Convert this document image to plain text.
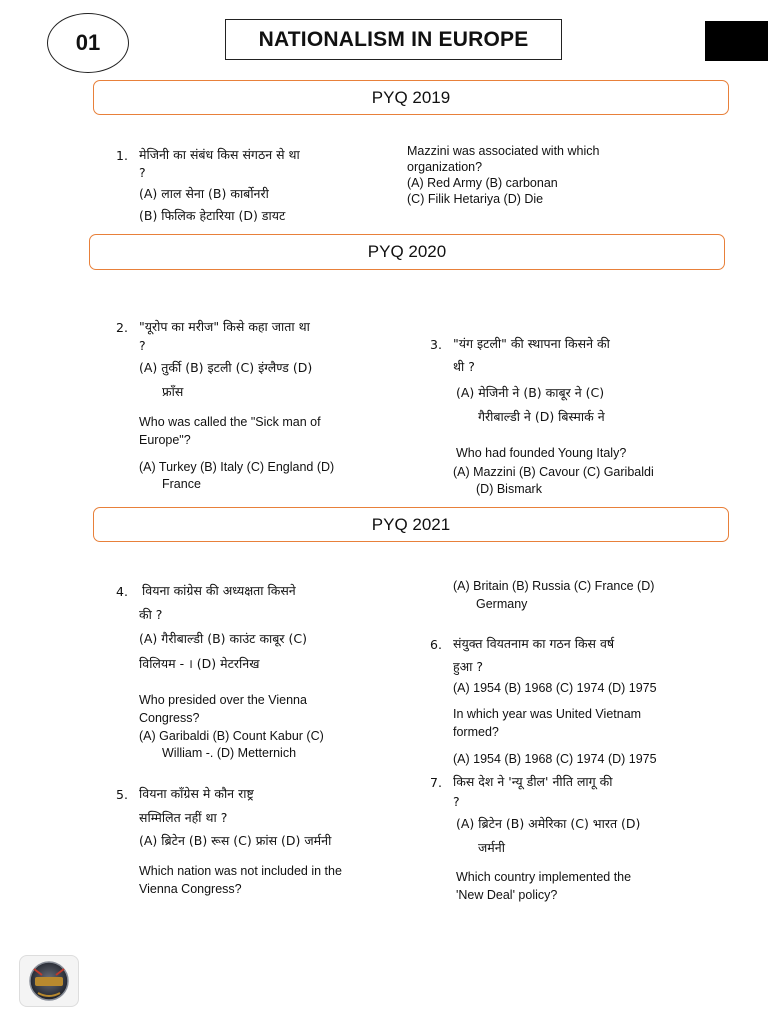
01	NATIONALISM IN EUROPE
PYQ 2019
PYQ 2020
PYQ 2021
1. मेजिनी का संबंध किस संगठन से था
?
(A) लाल सेना (B) कार्बोनरी
(B) फिलिक हेटारिया (D) डायट
Mazzini was associated with which
organization?
(A) Red Army (B) carbonan
(C) Filik Hetariya (D) Die
2. "यूरोप का मरीज" किसे कहा जाता था
?
(A) तुर्की (B) इटली (C) इंग्लैण्ड (D)
फ्राँस
Who was called the "Sick man of
Europe"?
(A) Turkey (B) Italy (C) England (D)
France
3. "यंग इटली" की स्थापना किसने की
थी ?
(A) मेजिनी ने (B) काबूर ने (C)
गैरीबाल्डी ने (D) बिस्मार्क ने
Who had founded Young Italy?
(A) Mazzini (B) Cavour (C) Garibaldi
(D) Bismark
4. वियना कांग्रेस की अध्यक्षता किसने
की ?
(A) गैरीबाल्डी (B) काउंट काबूर (C)
विलियम - । (D) मेटरनिख
Who presided over the Vienna
Congress?
(A) Garibaldi (B) Count Kabur (C)
William -. (D) Metternich
5. वियना काँग्रेस मे कौन राष्ट्र
सम्मिलित नहीं था ?
(A) ब्रिटेन (B) रूस (C) फ्रांस (D) जर्मनी
Which nation was not included in the
Vienna Congress?
(A) Britain (B) Russia (C) France (D)
Germany
6. संयुक्त वियतनाम का गठन किस वर्ष
हुआ ?
(A) 1954 (B) 1968 (C) 1974 (D) 1975
In which year was United Vietnam
formed?
(A) 1954 (B) 1968 (C) 1974 (D) 1975
7. किस देश ने 'न्यू डील' नीति लागू की
?
(A) ब्रिटेन (B) अमेरिका (C) भारत (D)
जर्मनी
Which country implemented the
'New Deal' policy?
